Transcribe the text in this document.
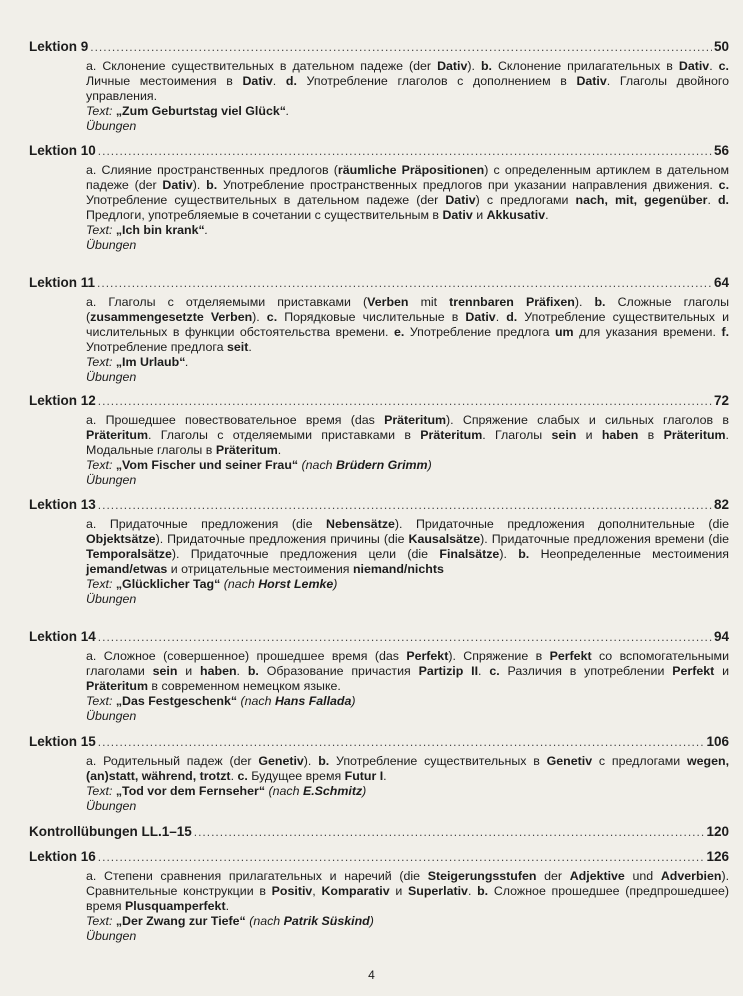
Lektion 9 .....	50

a. Склонение существительных в дательном падеже (der Dativ). b. Склонение прилагательных в Dativ. c. Личные местоимения в Dativ. d. Употребление глаголов с дополнением в Dativ. Глаголы двойного управления.

Text: „Zum Geburtstag viel Glück“.

Übungen

Lektion 10 .....	56

a. Слияние пространственных предлогов (räumliche Präpositionen) с определенным артиклем в дательном падеже (der Dativ). b. Употребление пространственных предлогов при указании направления движения. c. Употребление существительных в дательном падеже (der Dativ) с предлогами nach, mit, gegenüber. d. Предлоги, употребляемые в сочетании с существительным в Dativ и Akkusativ.

Text: „Ich bin krank“.

Übungen

Lektion 11 .....	64

a. Глаголы с отделяемыми приставками (Verben mit trennbaren Präfixen). b. Сложные глаголы (zusammengesetzte Verben). c. Порядковые числительные в Dativ. d. Употребление существительных и числительных в функции обстоятельства времени. e. Употребление предлога um для указания времени. f. Употребление предлога seit.

Text: „Im Urlaub“.

Übungen

Lektion 12 .....	72

a. Прошедшее повествовательное время (das Präteritum). Спряжение слабых и сильных глаголов в Präteritum. Глаголы с отделяемыми приставками в Präteritum. Глаголы sein и haben в Präteritum. Модальные глаголы в Präteritum.

Text: „Vom Fischer und seiner Frau“ (nach Brüdern Grimm)

Übungen

Lektion 13 .....	82

a. Придаточные предложения (die Nebensätze). Придаточные предложения дополнительные (die Objektsätze). Придаточные предложения причины (die Kausalsätze). Придаточные предложения времени (die Temporalsätze). Придаточные предложения цели (die Finalsätze). b. Неопределенные местоимения jemand/etwas и отрицательные местоимения niemand/nichts

Text: „Glücklicher Tag“ (nach Horst Lemke)

Übungen

Lektion 14 .....	94

a. Сложное (совершенное) прошедшее время (das Perfekt). Спряжение в Perfekt со вспомогательными глаголами sein и haben. b. Образование причастия Partizip II. c. Различия в употреблении Perfekt и Präteritum в современном немецком языке.

Text: „Das Festgeschenk“ (nach Hans Fallada)

Übungen

Lektion 15 .....	106

a. Родительный падеж (der Genetiv). b. Употребление существительных в Genetiv с предлогами wegen, (an)statt, während, trotzt. c. Будущее время Futur I.

Text: „Tod vor dem Fernseher“ (nach E.Schmitz)

Übungen

Kontrollübungen LL.1–15 .....	120
Lektion 16 .....	126

a. Степени сравнения прилагательных и наречий (die Steigerungsstufen der Adjektive und Adverbien). Сравнительные конструкции в Positiv, Komparativ и Superlativ. b. Сложное прошедшее (предпрошедшее) время Plusquamperfekt.

Text: „Der Zwang zur Tiefe“ (nach Patrik Süskind)

Übungen

4
